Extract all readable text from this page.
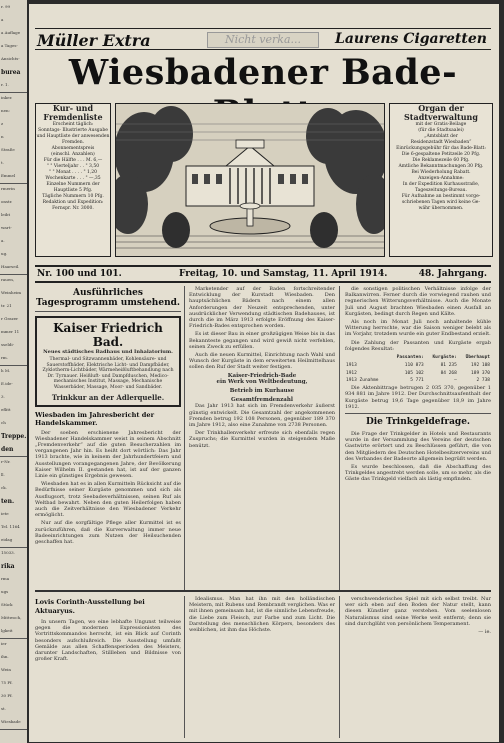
r. 99
a
a Auflage
a Tages-
Ansichts-
burea
r. 1.
inker.
nen:
z
n
Straße
t.
Emmel
rmerin
onstr.
leibt
wart-
a.
ug.
Haarseil.
rauen,
Weinheim
tr. 21
r Grazer
mmer 11
sseldi-
rm.
h M.
E.ide-
3.
eflitt
ch
Treppe.
den
r-Nr.
ll.
ck.
ten.
iete
Tel. 1164
eidag
15033.
rika
rma
ugs
Stück
Mittwoch,
lgkeit
ier
ihn.
Wein
75 Pf.
30 Pf.
st.
Wiesbade
Müller Extra	Nicht verka...	Laurens Cigaretten
Wiesbadener Bade-
Kur- und Fremdenliste
Erscheint täglich:
Sonntags- Illustrierte Ausgabe
und Hauptliste der anwesenden
Fremden.
Abonnementspreis
(einschl. Anzahlen)
Für die Hälfte . . . M. 6,—
" " Vierteljahr . . " 3,50
" " Monat . . . . " 1,20
Wochenkarte . . . " —,35
Einzelne Nummern der Hauptliste 5 Pfg.
Tägliche Nummern 10 Pfg.
Redaktion und Expedition:
Fernspr. Nr. 3000.
Organ der Stadtverwaltung
mit der Gratis-Beilage
(für die Stadtsaalei)
„Amtsblatt der
Residenzstadt Wiesbaden“
Einrückungsgebühr für das Bade-Blatt:
Die 6-gespaltene Petitzeile 20 Pfg.
Die Reklamezeile 60 Pfg.
Amtliche Bekanntmachungen 30 Pfg.
Bei Wiederholung Rabatt.
Anzeigen-Annahme:
In der Expedition Kurhausstraße,
Tageszeitungs-Bureau.
Für Aufnahme an bestimmt vorge-
schriebenen Tagen wird keine Ge-
währ übernommen.
Nr. 100 und 101.	Freitag, 10. und Samstag, 11. April 1914.	48. Jahrgang.
Ausführliches Tagesprogramm umstehend.
Kaiser Friedrich Bad.
Neues städtisches Badhaus und Inhalatorium.
Thermal- und Sitzwannenbäder, Kohlensäure- und Sauerstoffbäder, Elektrische Licht- und Dampfbäder, Zyklotherm-Lichtbäder, Wärmeheißluftbehandlung nach Dr. Tyrnauer. Heißluft- und Dampfduschen, Medico-mechanisches Institut, Massage, Mechanische Wasserbäder, Massage, Moor- und Sandbäder.
Trinkkur an der Adlerquelle.
Wiesbaden im Jahresbericht der Handelskammer.

Der soeben erschienene Jahresbericht der Wiesbadener Handelskammer weist in seinem Abschnitt „Fremdenverkehr“ auf die guten Besucherzahlen im vergangenen Jahr hin. Es heißt dort wörtlich: Das Jahr 1913 brachte, wie in keinem der Jahrhundertfeiern und Ausstellungen vorangegangenen Jahre, der Bevölkerung Kaiser Wilhelm II. gestanden hat, ist auf der ganzen Linie ein günstiges Ergebnis gewesen.

Wiesbaden hat es in allen Kurmitteln Rücksicht auf die Bedürfnisse seiner Kurgäste genommen und sich als Ausflugsort, trotz Seebadeverhältnissen, seinen Ruf als Weltbad bewahrt. Neben den guten Heilerfolgen haben auch die Zeitverhältnisse den Wiesbadener Verkehr ermöglicht.

Nur auf die sorgfältige Pflege aller Kurmittel ist es zurückzuführen, daß die Kurverwaltung immer neue Badeeinrichtungen zum Nutzen der Heilsuchenden geschaffen hat.

Marketender auf der Baden fortschreitender Entwicklung der Kurstadt Wiesbaden. Den hauptsächlichen Bädern nach einem allen Anforderungen der Neuzeit entsprechenden, unter ausdrücklicher Verwendung städtischen Badehauses, ist durch die im März 1913 erfolgte Eröffnung des Kaiser-Friedrich-Bades entsprochen worden.

Es ist dieser Bau in einer großzügigen Weise bis in das Bekannteste gegangen und wird gewiß nicht verfehlen, seinen Zweck zu erfüllen.

Auch die neuen Kurmittel, Einrichtung nach Wahl und Wunsch der Kurgäste in dem erweiterten Heilmittelhaus sollen den Ruf der Stadt weiter festigen.

Kaiser-Friedrich-Bade
ein Werk von Weltbedeutung,
Betrieb im Kurhause
Gesamtfremdenzahl

Das Jahr 1913 hat sich im Fremdenverkehr äußerst günstig entwickelt. Die Gesamtzahl der angekommenen Fremden betrug 192 108 Personen, gegenüber 189 370 im Jahre 1912, also eine Zunahme von 2738 Personen.

Der Trinkhallenverkehr erfreute sich ebenfalls regen Zuspruchs; die Kurmittel wurden in steigendem Maße benützt.

die sonstigen politischen Verhältnisse infolge der Balkanwirren. Ferner durch die vorwiegend rauhen und regnerischen Witterungsverhältnisse. Auch die Monate Juli und August brachten Wiesbaden einen Ausfall an Kurgästen, bedingt durch Regen und Kälte.

Als noch im Monat Juli noch anhaltende kühle Witterung herrschte, war die Saison weniger belebt als im Vorjahr, trotzdem wurde ein guter Endbestand erzielt.

Die Zahlung der Passanten und Kurgäste ergab folgendes Resultat:

	Passanten:	Kurgäste:	Überhaupt
1913	110 873	81 235	192 108
1912	105 102	84 268	189 370
1913 Zunahme	5 771	—	2 738

Die Aktenbittrage betrugen 2 035 370, gegenüber 1 934 881 im Jahre 1912. Der Durchschnittsaufenthalt der Kurgäste betrug 19,6 Tage gegenüber 18,9 im Jahre 1912.

Die Trinkgeldefrage.

Die Frage der Trinkgelder in Hotels und Restaurants wurde in der Versammlung des Vereins der deutschen Gastwirte erörtert und zu Beschlüssen geführt, die von den Mitgliedern des Deutschen Hotelbesitzervereins und des Verbandes der Badeorte allgemein begrüßt werden.

Es wurde beschlossen, daß die Abschaffung des Trinkgeldes angestrebt werden solle, um so mehr, als die Gäste das Trinkgeld vielfach als lästig empfinden.

Lovis Corinth-Ausstellung bei Aktuaryus.

In unsern Tagen, wo eine lebhafte Ungunst teilweise gegen die modernen Expressionisten des Vortrittskommandos herrscht, ist ein Blick auf Corinth besonders aufschlußreich. Die Ausstellung umfaßt Gemälde aus allen Schaffensperioden des Meisters, darunter Landschaften, Stillleben und Bildnisse von großer Kraft.

Idealismus. Man hat ihn mit den holländischen Meistern, mit Rubens und Rembrandt verglichen. Was er mit ihnen gemeinsam hat, ist die sinnliche Lebensfreude, die Liebe zum Fleisch, zur Farbe und zum Licht. Die Darstellung des menschlichen Körpers, besonders des weiblichen, ist ihm das Höchste.

verschwenderisches Spiel mit sich selbst treibt. Nur wer sich eben auf den Boden der Natur stellt, kann diesen Künstler ganz verstehen. Vom seelenlosen Naturalismus sind seine Werke weit entfernt; denn sie sind durchglüht von persönlichem Temperament.

— ie.
